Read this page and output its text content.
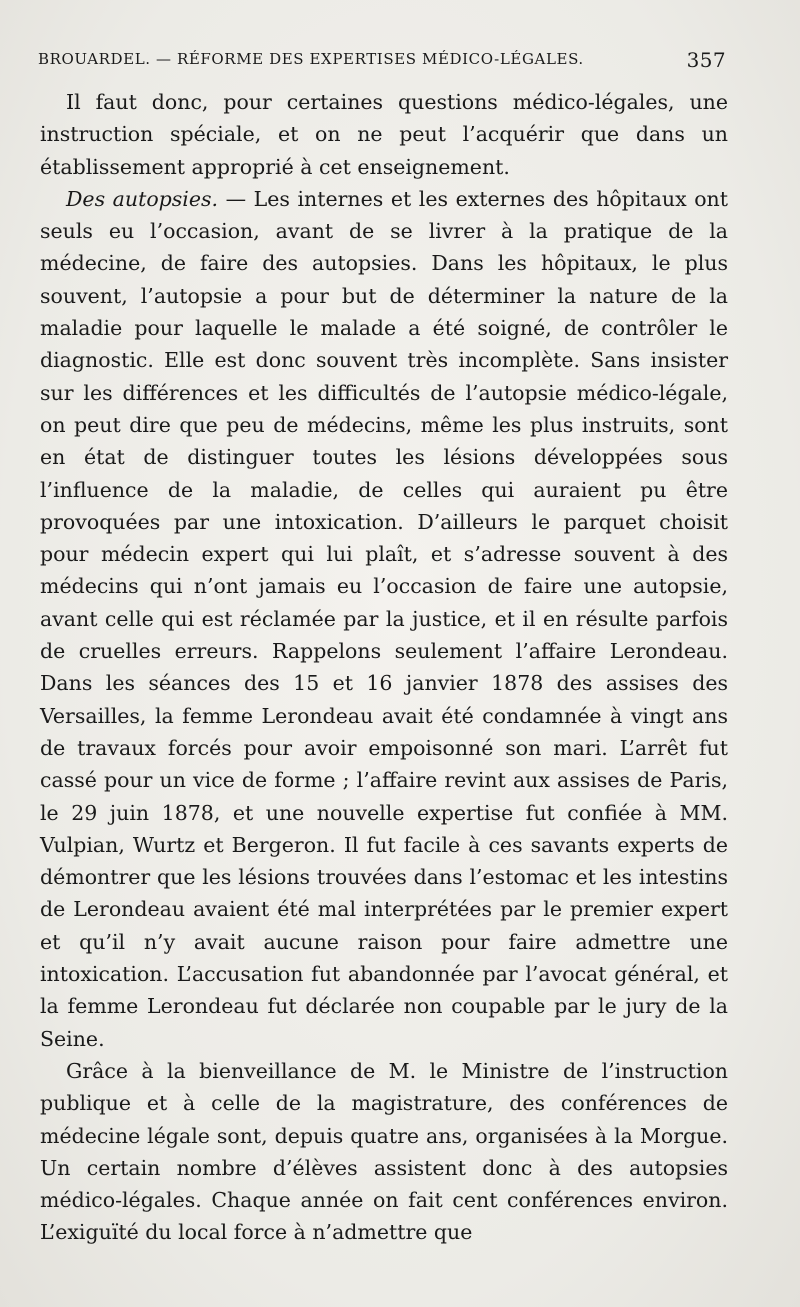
BROUARDEL. — RÉFORME DES EXPERTISES MÉDICO-LÉGALES.	357

Il faut donc, pour certaines questions médico-légales, une instruction spéciale, et on ne peut l’acquérir que dans un établissement approprié à cet enseignement.

Des autopsies. — Les internes et les externes des hôpitaux ont seuls eu l’occasion, avant de se livrer à la pratique de la médecine, de faire des autopsies. Dans les hôpitaux, le plus souvent, l’autopsie a pour but de déterminer la nature de la maladie pour laquelle le malade a été soigné, de contrôler le diagnostic. Elle est donc souvent très incomplète. Sans insister sur les différences et les difficultés de l’autopsie médico-légale, on peut dire que peu de médecins, même les plus instruits, sont en état de distinguer toutes les lésions développées sous l’influence de la maladie, de celles qui auraient pu être provoquées par une intoxication. D’ailleurs le parquet choisit pour médecin expert qui lui plaît, et s’adresse souvent à des médecins qui n’ont jamais eu l’occasion de faire une autopsie, avant celle qui est réclamée par la justice, et il en résulte parfois de cruelles erreurs. Rappelons seulement l’affaire Lerondeau. Dans les séances des 15 et 16 janvier 1878 des assises des Versailles, la femme Lerondeau avait été condamnée à vingt ans de travaux forcés pour avoir empoisonné son mari. L’arrêt fut cassé pour un vice de forme ; l’affaire revint aux assises de Paris, le 29 juin 1878, et une nouvelle expertise fut confiée à MM. Vulpian, Wurtz et Bergeron. Il fut facile à ces savants experts de démontrer que les lésions trouvées dans l’estomac et les intestins de Lerondeau avaient été mal interprétées par le premier expert et qu’il n’y avait aucune raison pour faire admettre une intoxication. L’accusation fut abandonnée par l’avocat général, et la femme Lerondeau fut déclarée non coupable par le jury de la Seine.

Grâce à la bienveillance de M. le Ministre de l’instruction publique et à celle de la magistrature, des conférences de médecine légale sont, depuis quatre ans, organisées à la Morgue. Un certain nombre d’élèves assistent donc à des autopsies médico-légales. Chaque année on fait cent conférences environ. L’exiguïté du local force à n’admettre que
